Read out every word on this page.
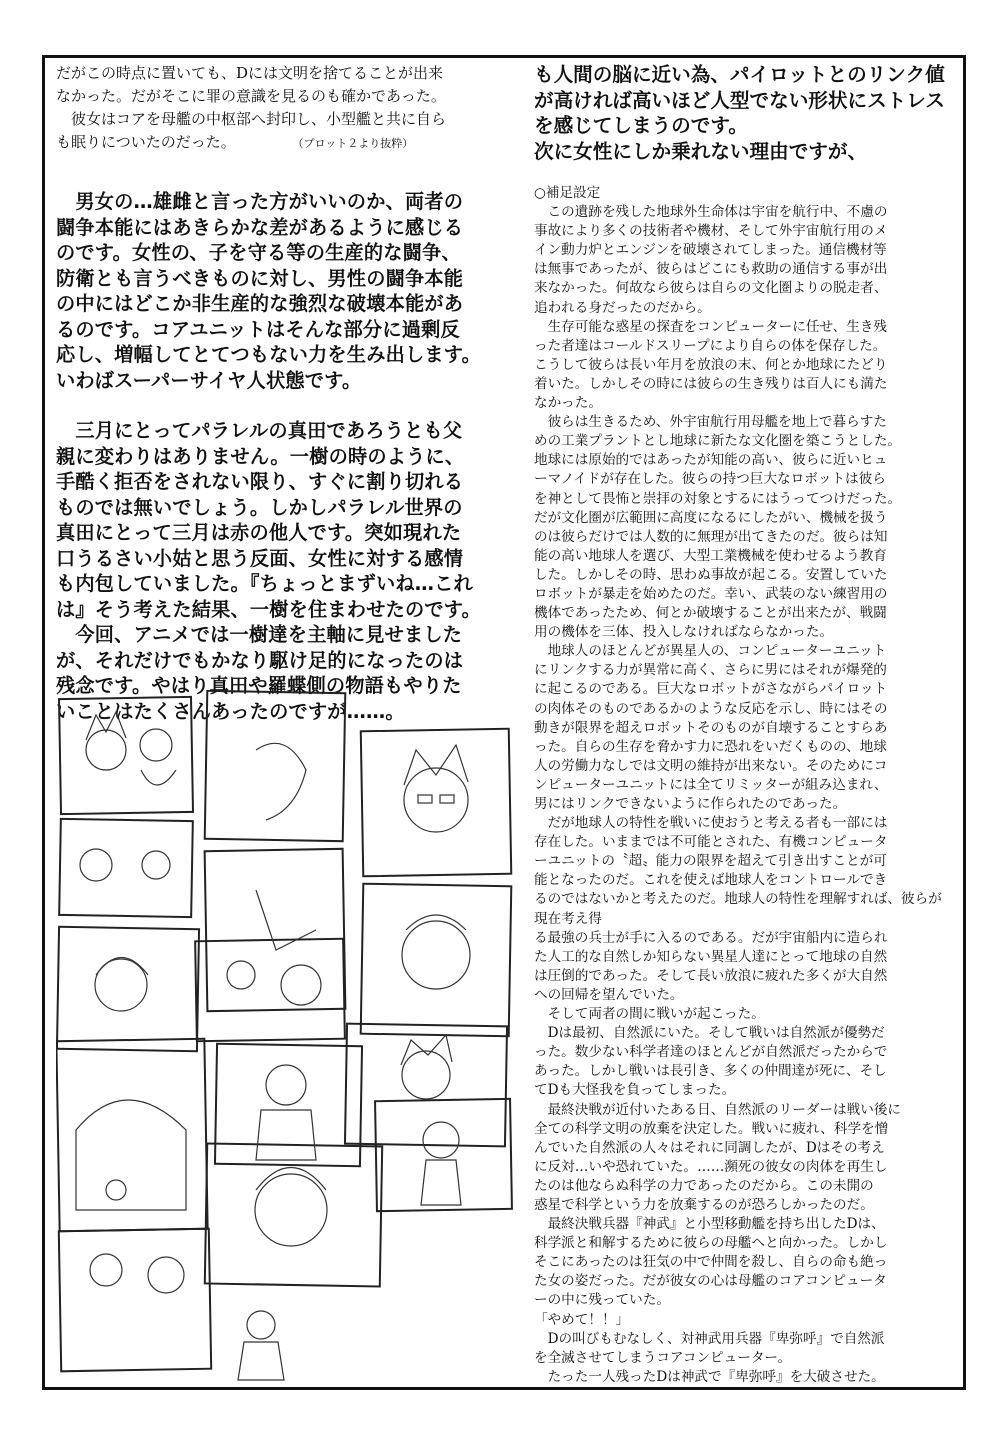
だがこの時点に置いても、Dには文明を捨てることが出来

なかった。だがそこに罪の意識を見るのも確かであった。

　彼女はコアを母艦の中枢部へ封印し、小型艦と共に自ら

も眠りについたのだった。	（プロット２より抜粋）

　男女の…雄雌と言った方がいいのか、両者の

闘争本能にはあきらかな差があるように感じる

のです。女性の、子を守る等の生産的な闘争、

防衛とも言うべきものに対し、男性の闘争本能

の中にはどこか非生産的な強烈な破壊本能があ

るのです。コアユニットはそんな部分に過剰反

応し、増幅してとてつもない力を生み出します。

いわばスーパーサイヤ人状態です。

　三月にとってパラレルの真田であろうとも父

親に変わりはありません。一樹の時のように、

手酷く拒否をされない限り、すぐに割り切れる

ものでは無いでしょう。しかしパラレル世界の

真田にとって三月は赤の他人です。突如現れた

口うるさい小姑と思う反面、女性に対する感情

も内包していました。『ちょっとまずいね…これ

は』そう考えた結果、一樹を住まわせたのです。

　今回、アニメでは一樹達を主軸に見せました

が、それだけでもかなり駆け足的になったのは

残念です。やはり真田や羅蝶側の物語もやりた

いことはたくさんあったのですが……。

も人間の脳に近い為、パイロットとのリンク値

が高ければ高いほど人型でない形状にストレス

を感じてしまうのです。

次に女性にしか乗れない理由ですが、

○補足設定

　この遺跡を残した地球外生命体は宇宙を航行中、不慮の

事故により多くの技術者や機材、そして外宇宙航行用のメ

イン動力炉とエンジンを破壊されてしまった。通信機材等

は無事であったが、彼らはどこにも救助の通信する事が出

来なかった。何故なら彼らは自らの文化圏よりの脱走者、

追われる身だったのだから。

　生存可能な惑星の探査をコンピューターに任せ、生き残

った者達はコールドスリープにより自らの体を保存した。

こうして彼らは長い年月を放浪の末、何とか地球にたどり

着いた。しかしその時には彼らの生き残りは百人にも満た

なかった。

　彼らは生きるため、外宇宙航行用母艦を地上で暮らすた

めの工業プラントとし地球に新たな文化圏を築こうとした。

地球には原始的ではあったが知能の高い、彼らに近いヒュ

ーマノイドが存在した。彼らの持つ巨大なロボットは彼ら

を神として畏怖と崇拝の対象とするにはうってつけだった。

だが文化圏が広範囲に高度になるにしたがい、機械を扱う

のは彼らだけでは人数的に無理が出てきたのだ。彼らは知

能の高い地球人を選び、大型工業機械を使わせるよう教育

した。しかしその時、思わぬ事故が起こる。安置していた

ロボットが暴走を始めたのだ。幸い、武装のない練習用の

機体であったため、何とか破壊することが出来たが、戦闘

用の機体を三体、投入しなければならなかった。

　地球人のほとんどが異星人の、コンピューターユニット

にリンクする力が異常に高く、さらに男にはそれが爆発的

に起こるのである。巨大なロボットがさながらパイロット

の肉体そのものであるかのような反応を示し、時にはその

動きが限界を超えロボットそのものが自壊することすらあ

った。自らの生存を脅かす力に恐れをいだくものの、地球

人の労働力なしでは文明の維持が出来ない。そのためにコ

ンピューターユニットには全てリミッターが組み込まれ、

男にはリンクできないように作られたのであった。

　だが地球人の特性を戦いに使おうと考える者も一部には

存在した。いままでは不可能とされた、有機コンピュータ

ーユニットの〝超〟能力の限界を超えて引き出すことが可

能となったのだ。これを使えば地球人をコントロールでき

るのではないかと考えたのだ。地球人の特性を理解すれば、彼らが現在考え得

る最強の兵士が手に入るのである。だが宇宙船内に造られ

た人工的な自然しか知らない異星人達にとって地球の自然

は圧倒的であった。そして長い放浪に疲れた多くが大自然

への回帰を望んでいた。

　そして両者の間に戦いが起こった。

　Dは最初、自然派にいた。そして戦いは自然派が優勢だ

った。数少ない科学者達のほとんどが自然派だったからで

あった。しかし戦いは長引き、多くの仲間達が死に、そし

てDも大怪我を負ってしまった。

　最終決戦が近付いたある日、自然派のリーダーは戦い後に

全ての科学文明の放棄を決定した。戦いに疲れ、科学を憎

んでいた自然派の人々はそれに同調したが、Dはその考え

に反対…いや恐れていた。……瀕死の彼女の肉体を再生し

たのは他ならぬ科学の力であったのだから。この未開の

惑星で科学という力を放棄するのが恐ろしかったのだ。

　最終決戦兵器『神武』と小型移動艦を持ち出したDは、

科学派と和解するために彼らの母艦へと向かった。しかし

そこにあったのは狂気の中で仲間を殺し、自らの命も絶っ

た女の姿だった。だが彼女の心は母艦のコアコンピュータ

ーの中に残っていた。

「やめて！！」

　Dの叫びもむなしく、対神武用兵器『卑弥呼』で自然派

を全滅させてしまうコアコンピューター。

　たった一人残ったDは神武で『卑弥呼』を大破させた。
